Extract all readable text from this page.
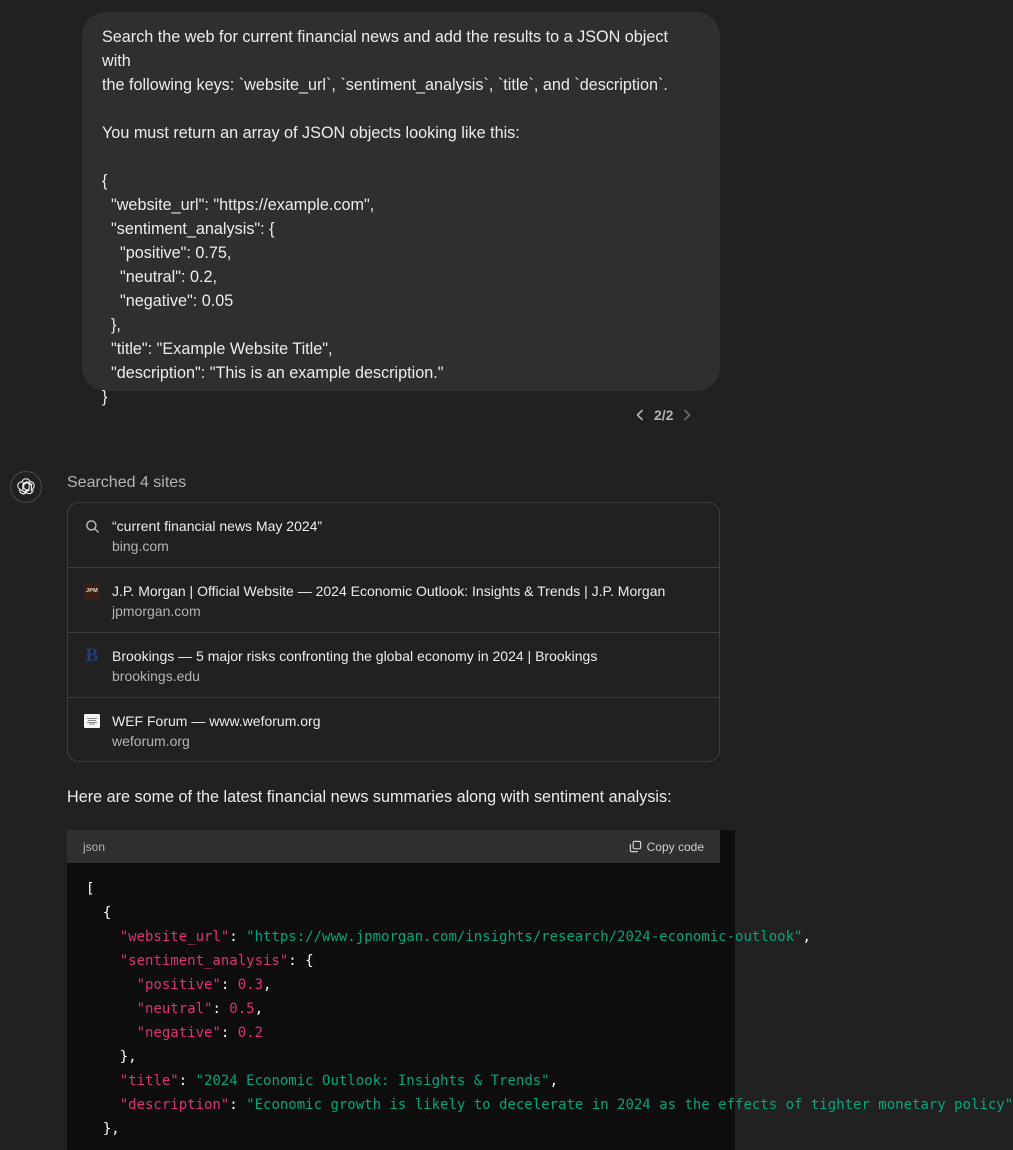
Search the web for current financial news and add the results to a JSON object with

the following keys: `website_url`, `sentiment_analysis`, `title`, and `description`.

You must return an array of JSON objects looking like this:

{

"website_url": "https://example.com",

"sentiment_analysis": {

"positive": 0.75,

"neutral": 0.2,

"negative": 0.05

},

"title": "Example Website Title",

"description": "This is an example description."

}

2/2
Searched 4 sites
“current financial news May 2024”
bing.com
JPM J.P. Morgan | Official Website — 2024 Economic Outlook: Insights & Trends | J.P. Morgan
jpmorgan.com
B Brookings — 5 major risks confronting the global economy in 2024 | Brookings
brookings.edu
WEF Forum — www.weforum.org
weforum.org
Here are some of the latest financial news summaries along with sentiment analysis:
json	Copy code
[
{
"website_url": "https://www.jpmorgan.com/insights/research/2024-economic-outlook",
"sentiment_analysis": {
"positive": 0.3,
"neutral": 0.5,
"negative": 0.2
},
"title": "2024 Economic Outlook: Insights & Trends",
"description": "Economic growth is likely to decelerate in 2024 as the effects of tighter monetary policy"
},
